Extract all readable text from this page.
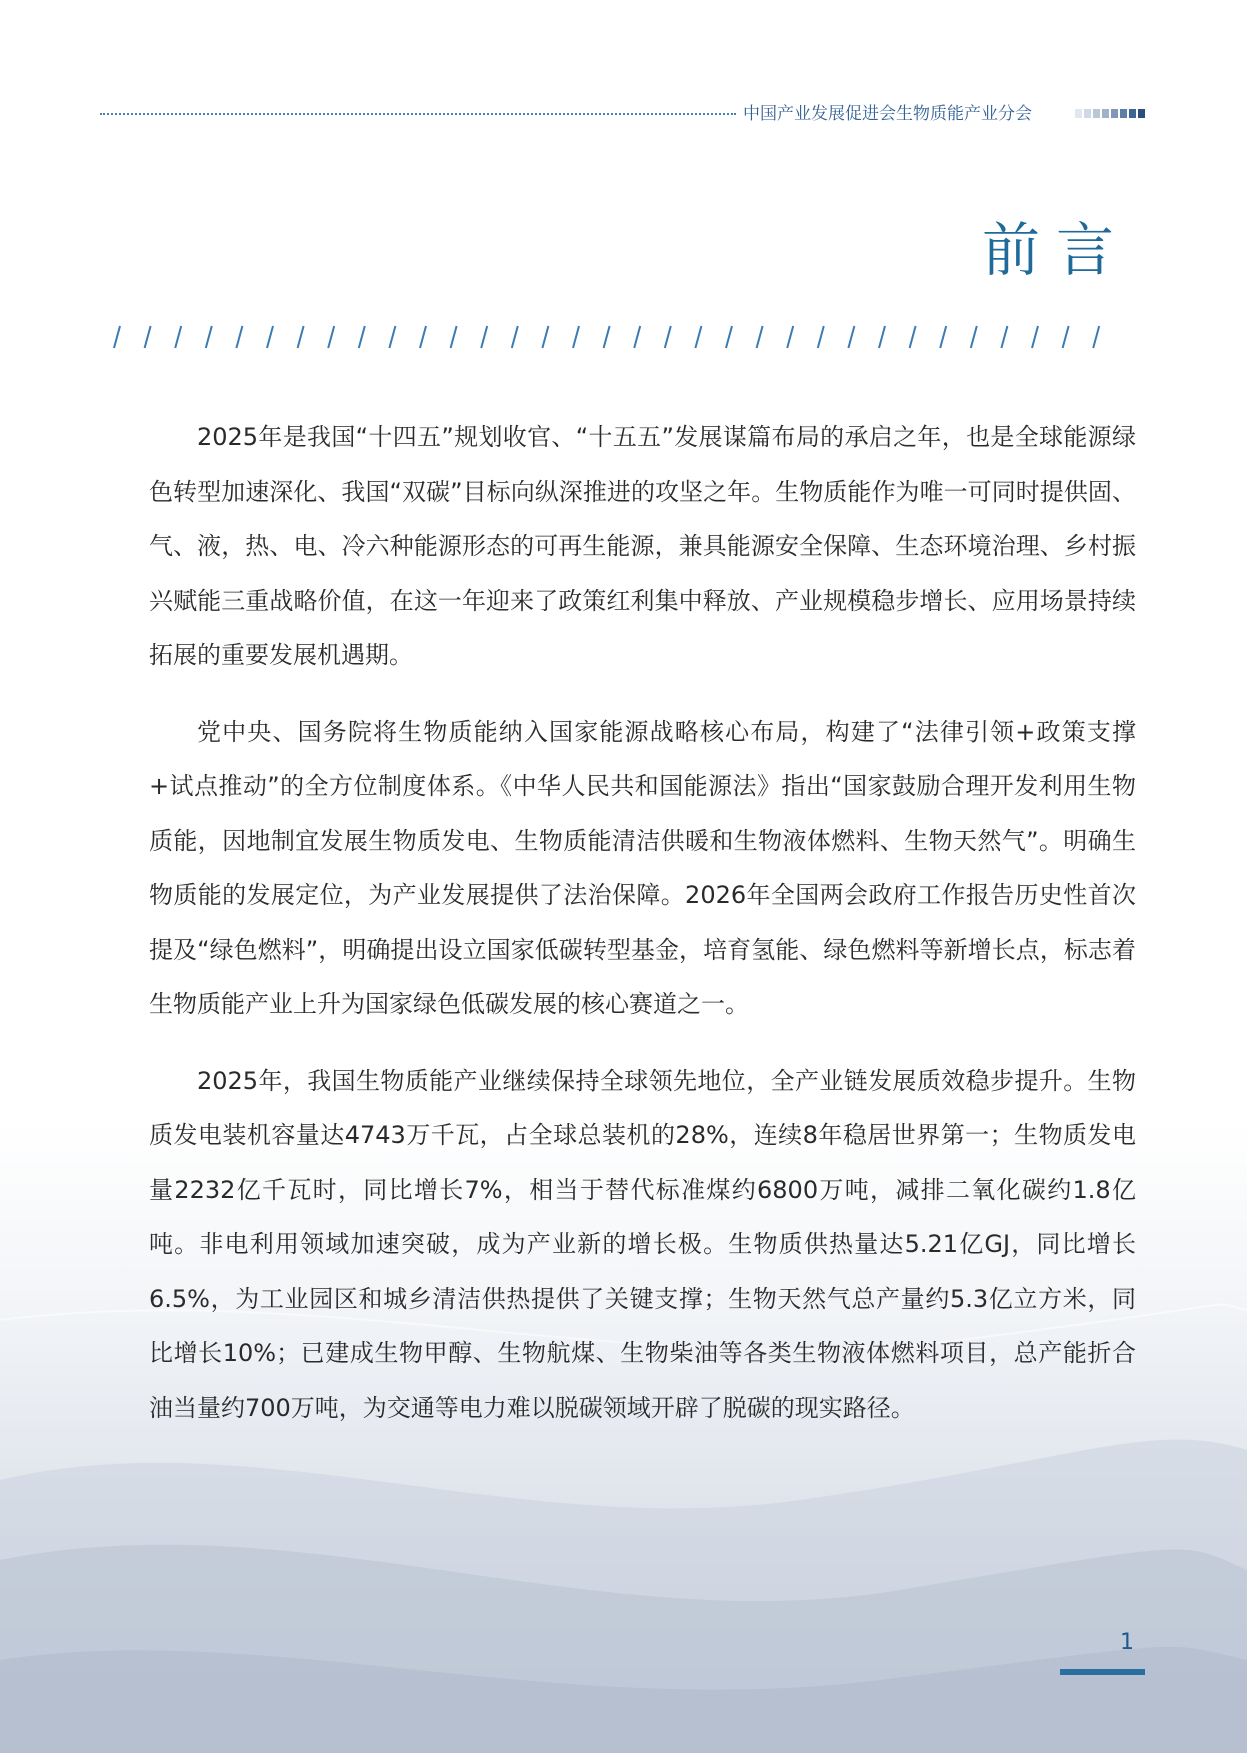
中国产业发展促进会生物质能产业分会
前言

2025年是我国“十四五”规划收官、“十五五”发展谋篇布局的承启之年，也是全球能源绿色转型加速深化、我国“双碳”目标向纵深推进的攻坚之年。生物质能作为唯一可同时提供固、气、液，热、电、冷六种能源形态的可再生能源，兼具能源安全保障、生态环境治理、乡村振兴赋能三重战略价值，在这一年迎来了政策红利集中释放、产业规模稳步增长、应用场景持续拓展的重要发展机遇期。

党中央、国务院将生物质能纳入国家能源战略核心布局，构建了“法律引领+政策支撑+试点推动”的全方位制度体系。《中华人民共和国能源法》指出“国家鼓励合理开发利用生物质能，因地制宜发展生物质发电、生物质能清洁供暖和生物液体燃料、生物天然气”。明确生物质能的发展定位，为产业发展提供了法治保障。2026年全国两会政府工作报告历史性首次提及“绿色燃料”，明确提出设立国家低碳转型基金，培育氢能、绿色燃料等新增长点，标志着生物质能产业上升为国家绿色低碳发展的核心赛道之一。

2025年，我国生物质能产业继续保持全球领先地位，全产业链发展质效稳步提升。生物质发电装机容量达4743万千瓦，占全球总装机的28%，连续8年稳居世界第一；生物质发电量2232亿千瓦时，同比增长7%，相当于替代标准煤约6800万吨，减排二氧化碳约1.8亿吨。非电利用领域加速突破，成为产业新的增长极。生物质供热量达5.21亿GJ，同比增长6.5%，为工业园区和城乡清洁供热提供了关键支撑；生物天然气总产量约5.3亿立方米，同比增长10%；已建成生物甲醇、生物航煤、生物柴油等各类生物液体燃料项目，总产能折合油当量约700万吨，为交通等电力难以脱碳领域开辟了脱碳的现实路径。

1
